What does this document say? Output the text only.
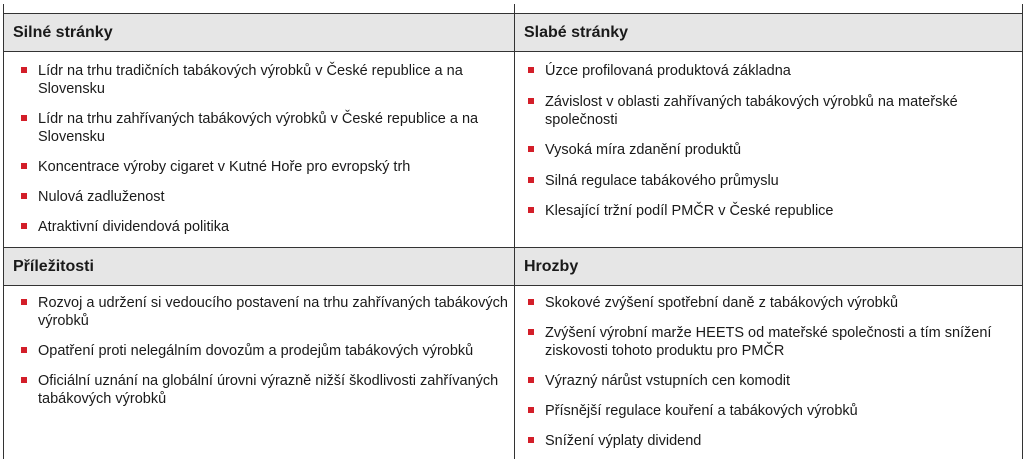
Silné stránky	Slabé stránky
Lídr na trhu tradičních tabákových výrobků v České republice a na Slovensku
Lídr na trhu zahřívaných tabákových výrobků v České republice a na Slovensku
Koncentrace výroby cigaret v Kutné Hoře pro evropský trh
Nulová zadluženost
Atraktivní dividendová politika
Úzce profilovaná produktová základna
Závislost v oblasti zahřívaných tabákových výrobků na mateřské společnosti
Vysoká míra zdanění produktů
Silná regulace tabákového průmyslu
Klesající tržní podíl PMČR v České republice
Příležitosti	Hrozby
Rozvoj a udržení si vedoucího postavení na trhu zahřívaných tabákových výrobků
Opatření proti nelegálním dovozům a prodejům tabákových výrobků
Oficiální uznání na globální úrovni výrazně nižší škodlivosti zahřívaných tabákových výrobků
Skokové zvýšení spotřební daně z tabákových výrobků
Zvýšení výrobní marže HEETS od mateřské společnosti a tím snížení ziskovosti tohoto produktu pro PMČR
Výrazný nárůst vstupních cen komodit
Přísnější regulace kouření a tabákových výrobků
Snížení výplaty dividend
